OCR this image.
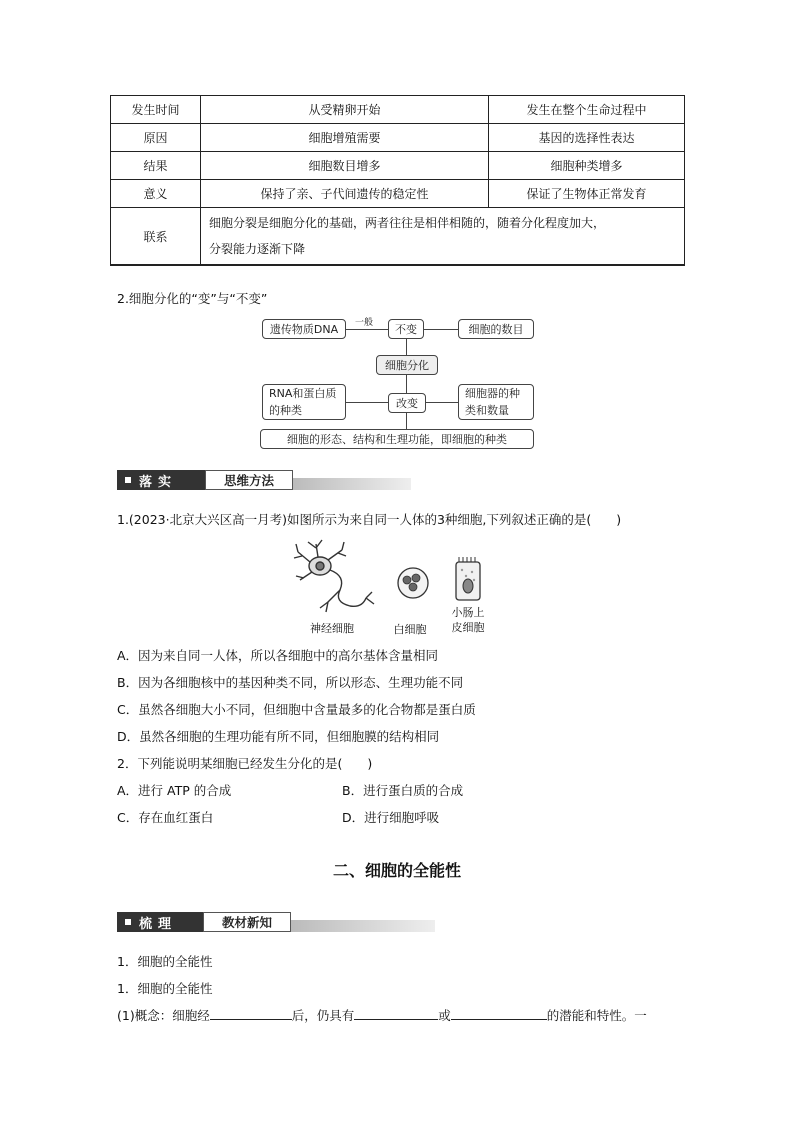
发生时间	从受精卵开始	发生在整个生命过程中
原因	细胞增殖需要	基因的选择性表达
结果	细胞数目增多	细胞种类增多
意义	保持了亲、子代间遗传的稳定性	保证了生物体正常发育
联系	细胞分裂是细胞分化的基础，两者往往是相伴相随的，随着分化程度加大，
分裂能力逐渐下降	
2.细胞分化的“变”与“不变”
遗传物质DNA	一般	不变	细胞的数目
细胞分化
RNA和蛋白质
的种类
改变
细胞器的种
类和数量
细胞的形态、结构和生理功能，即细胞的种类
落实	思维方法
1.(2023·北京大兴区高一月考)如图所示为来自同一人体的3种细胞,下列叙述正确的是(　　)
神经细胞	白细胞
小肠上
皮细胞
A．因为来自同一人体，所以各细胞中的高尔基体含量相同
B．因为各细胞核中的基因种类不同，所以形态、生理功能不同
C．虽然各细胞大小不同，但细胞中含量最多的化合物都是蛋白质
D．虽然各细胞的生理功能有所不同，但细胞膜的结构相同
2．下列能说明某细胞已经发生分化的是(　　)
A．进行 ATP 的合成	B．进行蛋白质的合成
C．存在血红蛋白	D．进行细胞呼吸
二、细胞的全能性
梳理	教材新知
1．细胞的全能性
1．细胞的全能性
(1)概念：细胞经	后，仍具有	或	的潜能和特性。一
